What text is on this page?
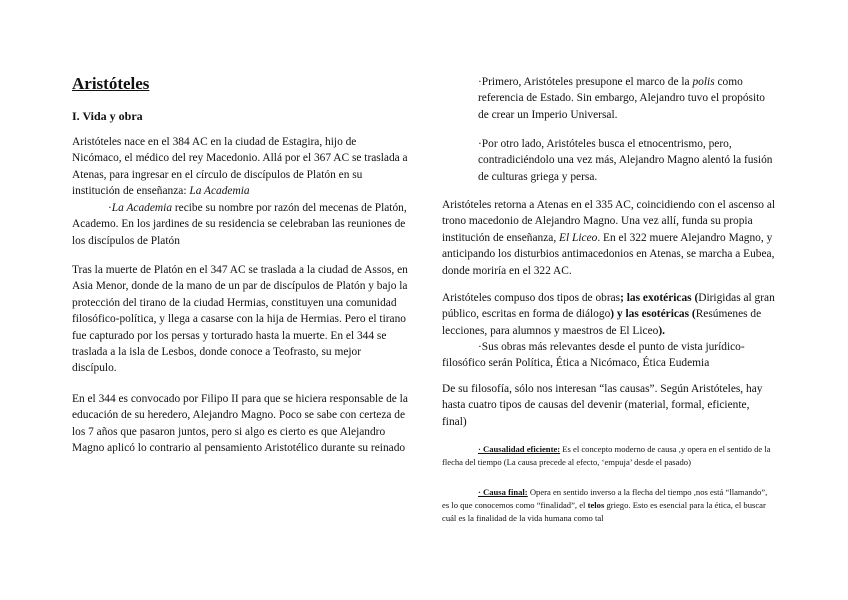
Aristóteles
I. Vida y obra

Aristóteles nace en el 384 AC en la ciudad de Estagira, hijo de Nicómaco, el médico del rey Macedonio. Allá por el 367 AC se traslada a Atenas, para ingresar en el círculo de discípulos de Platón en su institución de enseñanza: La Academia

·La Academia recibe su nombre por razón del mecenas de Platón, Academo. En los jardines de su residencia se celebraban las reuniones de los discípulos de Platón

Tras la muerte de Platón en el 347 AC se traslada a la ciudad de Assos, en Asia Menor, donde de la mano de un par de discípulos de Platón y bajo la protección del tirano de la ciudad Hermias, constituyen una comunidad filosófico-política, y llega a casarse con la hija de Hermias. Pero el tirano fue capturado por los persas y torturado hasta la muerte. En el 344 se traslada a la isla de Lesbos, donde conoce a Teofrasto, su mejor discípulo.

En el 344 es convocado por Filipo II para que se hiciera responsable de la educación de su heredero, Alejandro Magno. Poco se sabe con certeza de los 7 años que pasaron juntos, pero si algo es cierto es que Alejandro Magno aplicó lo contrario al pensamiento Aristotélico durante su reinado

·Primero, Aristóteles presupone el marco de la polis como referencia de Estado. Sin embargo, Alejandro tuvo el propósito de crear un Imperio Universal.

·Por otro lado, Aristóteles busca el etnocentrismo, pero, contradiciéndolo una vez más, Alejandro Magno alentó la fusión de culturas griega y persa.

Aristóteles retorna a Atenas en el 335 AC, coincidiendo con el ascenso al trono macedonio de Alejandro Magno. Una vez allí, funda su propia institución de enseñanza, El Liceo. En el 322 muere Alejandro Magno, y anticipando los disturbios antimacedonios en Atenas, se marcha a Eubea, donde moriría en el 322 AC.

Aristóteles compuso dos tipos de obras; las exotéricas (Dirigidas al gran público, escritas en forma de diálogo) y las esotéricas (Resúmenes de lecciones, para alumnos y maestros de El Liceo).

·Sus obras más relevantes desde el punto de vista jurídico-filosófico serán Política, Ética a Nicómaco, Ética Eudemia

De su filosofía, sólo nos interesan “las causas”. Según Aristóteles, hay hasta cuatro tipos de causas del devenir (material, formal, eficiente, final)

· Causalidad eficiente: Es el concepto moderno de causa ,y opera en el sentido de la flecha del tiempo (La causa precede al efecto, ‘empuja’ desde el pasado)

· Causa final: Opera en sentido inverso a la flecha del tiempo ,nos está “llamando”, es lo que conocemos como “finalidad”, el telos griego. Esto es esencial para la ética, el buscar cuál es la finalidad de la vida humana como tal
